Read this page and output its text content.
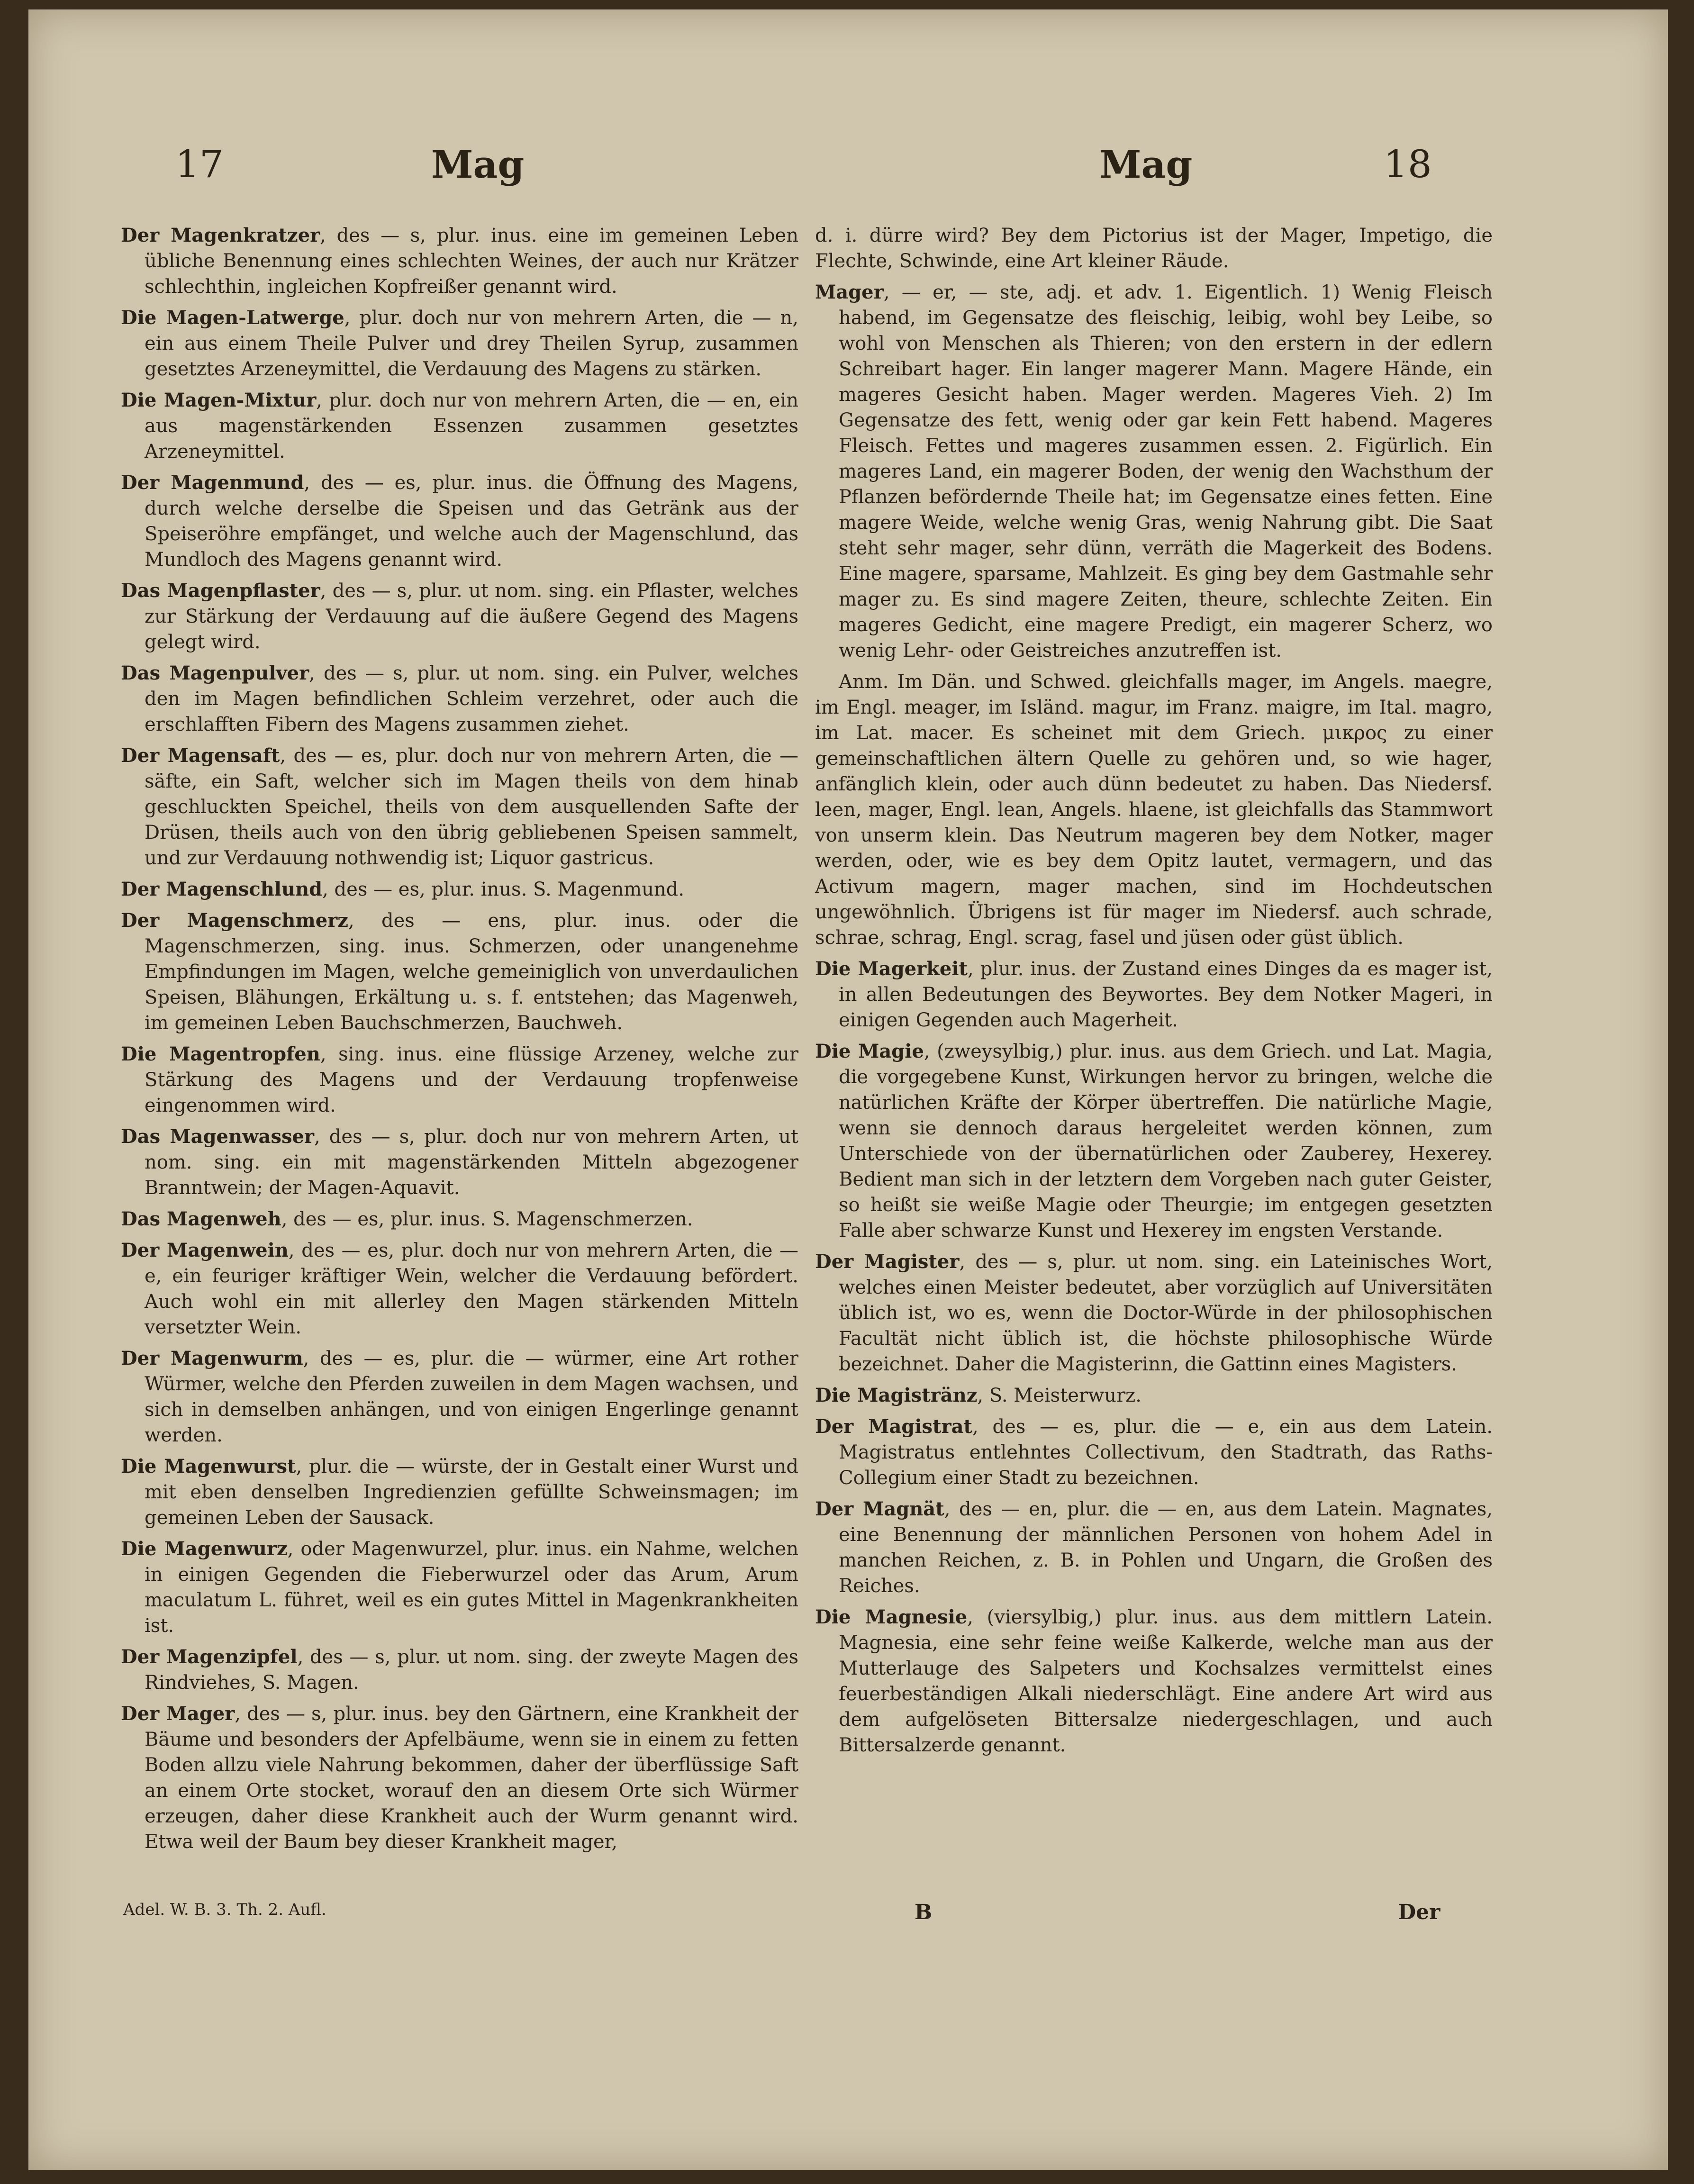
17	Mag	Mag	18

Der Magenkratzer, des — s, plur. inus. eine im gemeinen Leben übliche Benennung eines schlechten Weines, der auch nur Krätzer schlechthin, ingleichen Kopfreißer genannt wird.

Die Magen-Latwerge, plur. doch nur von mehrern Arten, die — n, ein aus einem Theile Pulver und drey Theilen Syrup, zusammen gesetztes Arzeneymittel, die Verdauung des Magens zu stärken.

Die Magen-Mixtur, plur. doch nur von mehrern Arten, die — en, ein aus magenstärkenden Essenzen zusammen gesetztes Arzeneymittel.

Der Magenmund, des — es, plur. inus. die Öffnung des Magens, durch welche derselbe die Speisen und das Getränk aus der Speiseröhre empfänget, und welche auch der Magenschlund, das Mundloch des Magens genannt wird.

Das Magenpflaster, des — s, plur. ut nom. sing. ein Pflaster, welches zur Stärkung der Verdauung auf die äußere Gegend des Magens gelegt wird.

Das Magenpulver, des — s, plur. ut nom. sing. ein Pulver, welches den im Magen befindlichen Schleim verzehret, oder auch die erschlafften Fibern des Magens zusammen ziehet.

Der Magensaft, des — es, plur. doch nur von mehrern Arten, die — säfte, ein Saft, welcher sich im Magen theils von dem hinab geschluckten Speichel, theils von dem ausquellenden Safte der Drüsen, theils auch von den übrig gebliebenen Speisen sammelt, und zur Verdauung nothwendig ist; Liquor gastricus.

Der Magenschlund, des — es, plur. inus. S. Magenmund.

Der Magenschmerz, des — ens, plur. inus. oder die Magenschmerzen, sing. inus. Schmerzen, oder unangenehme Empfindungen im Magen, welche gemeiniglich von unverdaulichen Speisen, Blähungen, Erkältung u. s. f. entstehen; das Magenweh, im gemeinen Leben Bauchschmerzen, Bauchweh.

Die Magentropfen, sing. inus. eine flüssige Arzeney, welche zur Stärkung des Magens und der Verdauung tropfenweise eingenommen wird.

Das Magenwasser, des — s, plur. doch nur von mehrern Arten, ut nom. sing. ein mit magenstärkenden Mitteln abgezogener Branntwein; der Magen-Aquavit.

Das Magenweh, des — es, plur. inus. S. Magenschmerzen.

Der Magenwein, des — es, plur. doch nur von mehrern Arten, die — e, ein feuriger kräftiger Wein, welcher die Verdauung befördert. Auch wohl ein mit allerley den Magen stärkenden Mitteln versetzter Wein.

Der Magenwurm, des — es, plur. die — würmer, eine Art rother Würmer, welche den Pferden zuweilen in dem Magen wachsen, und sich in demselben anhängen, und von einigen Engerlinge genannt werden.

Die Magenwurst, plur. die — würste, der in Gestalt einer Wurst und mit eben denselben Ingredienzien gefüllte Schweinsmagen; im gemeinen Leben der Sausack.

Die Magenwurz, oder Magenwurzel, plur. inus. ein Nahme, welchen in einigen Gegenden die Fieberwurzel oder das Arum, Arum maculatum L. führet, weil es ein gutes Mittel in Magenkrankheiten ist.

Der Magenzipfel, des — s, plur. ut nom. sing. der zweyte Magen des Rindviehes, S. Magen.

Der Mager, des — s, plur. inus. bey den Gärtnern, eine Krankheit der Bäume und besonders der Apfelbäume, wenn sie in einem zu fetten Boden allzu viele Nahrung bekommen, daher der überflüssige Saft an einem Orte stocket, worauf den an diesem Orte sich Würmer erzeugen, daher diese Krankheit auch der Wurm genannt wird. Etwa weil der Baum bey dieser Krankheit mager,

d. i. dürre wird? Bey dem Pictorius ist der Mager, Impetigo, die Flechte, Schwinde, eine Art kleiner Räude.

Mager, — er, — ste, adj. et adv. 1. Eigentlich. 1) Wenig Fleisch habend, im Gegensatze des fleischig, leibig, wohl bey Leibe, so wohl von Menschen als Thieren; von den erstern in der edlern Schreibart hager. Ein langer magerer Mann. Magere Hände, ein mageres Gesicht haben. Mager werden. Mageres Vieh. 2) Im Gegensatze des fett, wenig oder gar kein Fett habend. Mageres Fleisch. Fettes und mageres zusammen essen. 2. Figürlich. Ein mageres Land, ein magerer Boden, der wenig den Wachsthum der Pflanzen befördernde Theile hat; im Gegensatze eines fetten. Eine magere Weide, welche wenig Gras, wenig Nahrung gibt. Die Saat steht sehr mager, sehr dünn, verräth die Magerkeit des Bodens. Eine magere, sparsame, Mahlzeit. Es ging bey dem Gastmahle sehr mager zu. Es sind magere Zeiten, theure, schlechte Zeiten. Ein mageres Gedicht, eine magere Predigt, ein magerer Scherz, wo wenig Lehr- oder Geistreiches anzutreffen ist.

Anm. Im Dän. und Schwed. gleichfalls mager, im Angels. maegre, im Engl. meager, im Isländ. magur, im Franz. maigre, im Ital. magro, im Lat. macer. Es scheinet mit dem Griech. μικρος zu einer gemeinschaftlichen ältern Quelle zu gehören und, so wie hager, anfänglich klein, oder auch dünn bedeutet zu haben. Das Niedersf. leen, mager, Engl. lean, Angels. hlaene, ist gleichfalls das Stammwort von unserm klein. Das Neutrum mageren bey dem Notker, mager werden, oder, wie es bey dem Opitz lautet, vermagern, und das Activum magern, mager machen, sind im Hochdeutschen ungewöhnlich. Übrigens ist für mager im Niedersf. auch schrade, schrae, schrag, Engl. scrag, fasel und jüsen oder güst üblich.

Die Magerkeit, plur. inus. der Zustand eines Dinges da es mager ist, in allen Bedeutungen des Beywortes. Bey dem Notker Mageri, in einigen Gegenden auch Magerheit.

Die Magie, (zweysylbig,) plur. inus. aus dem Griech. und Lat. Magia, die vorgegebene Kunst, Wirkungen hervor zu bringen, welche die natürlichen Kräfte der Körper übertreffen. Die natürliche Magie, wenn sie dennoch daraus hergeleitet werden können, zum Unterschiede von der übernatürlichen oder Zauberey, Hexerey. Bedient man sich in der letztern dem Vorgeben nach guter Geister, so heißt sie weiße Magie oder Theurgie; im entgegen gesetzten Falle aber schwarze Kunst und Hexerey im engsten Verstande.

Der Magister, des — s, plur. ut nom. sing. ein Lateinisches Wort, welches einen Meister bedeutet, aber vorzüglich auf Universitäten üblich ist, wo es, wenn die Doctor-Würde in der philosophischen Facultät nicht üblich ist, die höchste philosophische Würde bezeichnet. Daher die Magisterinn, die Gattinn eines Magisters.

Die Magistränz, S. Meisterwurz.

Der Magistrat, des — es, plur. die — e, ein aus dem Latein. Magistratus entlehntes Collectivum, den Stadtrath, das Raths-Collegium einer Stadt zu bezeichnen.

Der Magnät, des — en, plur. die — en, aus dem Latein. Magnates, eine Benennung der männlichen Personen von hohem Adel in manchen Reichen, z. B. in Pohlen und Ungarn, die Großen des Reiches.

Die Magnesie, (viersylbig,) plur. inus. aus dem mittlern Latein. Magnesia, eine sehr feine weiße Kalkerde, welche man aus der Mutterlauge des Salpeters und Kochsalzes vermittelst eines feuerbeständigen Alkali niederschlägt. Eine andere Art wird aus dem aufgelöseten Bittersalze niedergeschlagen, und auch Bittersalzerde genannt.

Adel. W. B. 3. Th. 2. Aufl.	B	Der
